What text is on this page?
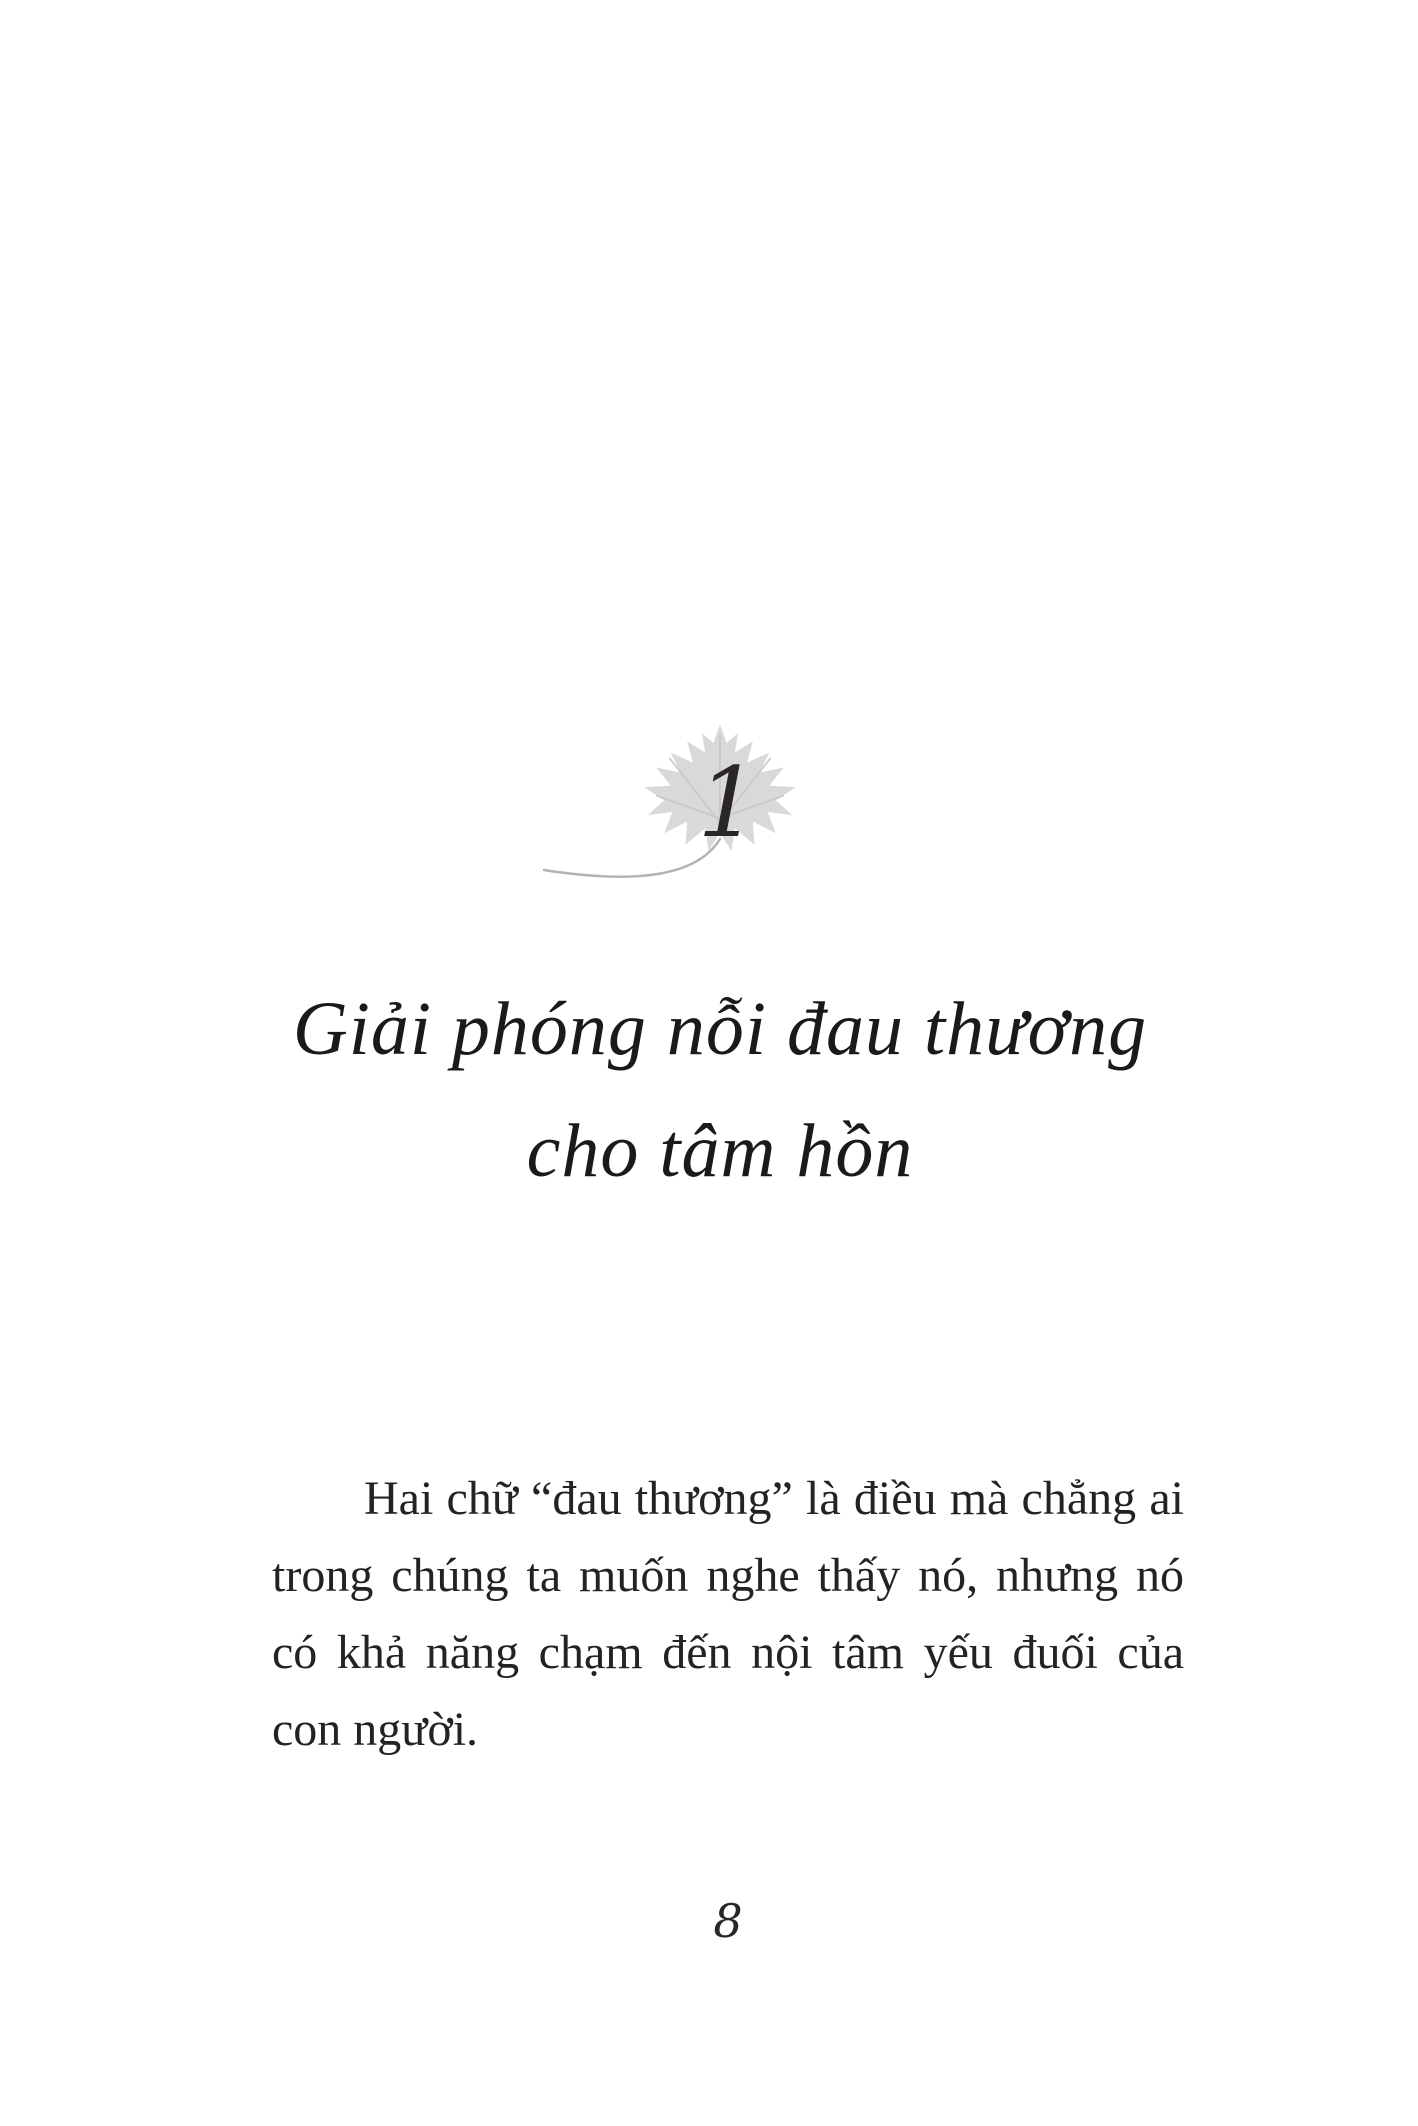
1
Giải phóng nỗi đau thương
cho tâm hồn

Hai chữ “đau thương” là điều mà chẳng ai trong chúng ta muốn nghe thấy nó, nhưng nó có khả năng chạm đến nội tâm yếu đuối của con người.

8
